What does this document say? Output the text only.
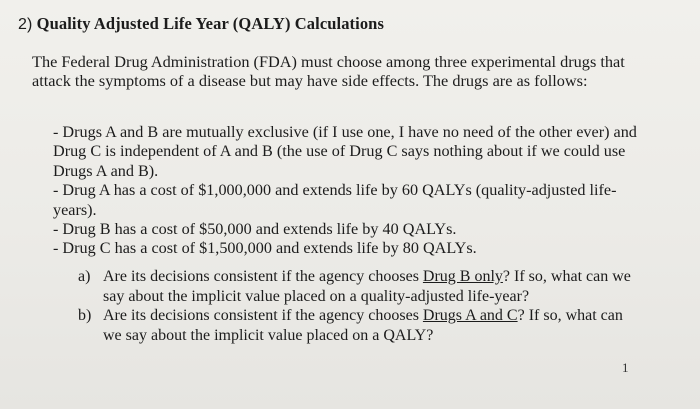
2) Quality Adjusted Life Year (QALY) Calculations
The Federal Drug Administration (FDA) must choose among three experimental drugs that attack the symptoms of a disease but may have side effects. The drugs are as follows:
- Drugs A and B are mutually exclusive (if I use one, I have no need of the other ever) and Drug C is independent of A and B (the use of Drug C says nothing about if we could use Drugs A and B).
- Drug A has a cost of $1,000,000 and extends life by 60 QALYs (quality-adjusted life-years).
- Drug B has a cost of $50,000 and extends life by 40 QALYs.
- Drug C has a cost of $1,500,000 and extends life by 80 QALYs.
a) Are its decisions consistent if the agency chooses Drug B only? If so, what can we say about the implicit value placed on a quality-adjusted life-year?
b) Are its decisions consistent if the agency chooses Drugs A and C? If so, what can we say about the implicit value placed on a QALY?
1
